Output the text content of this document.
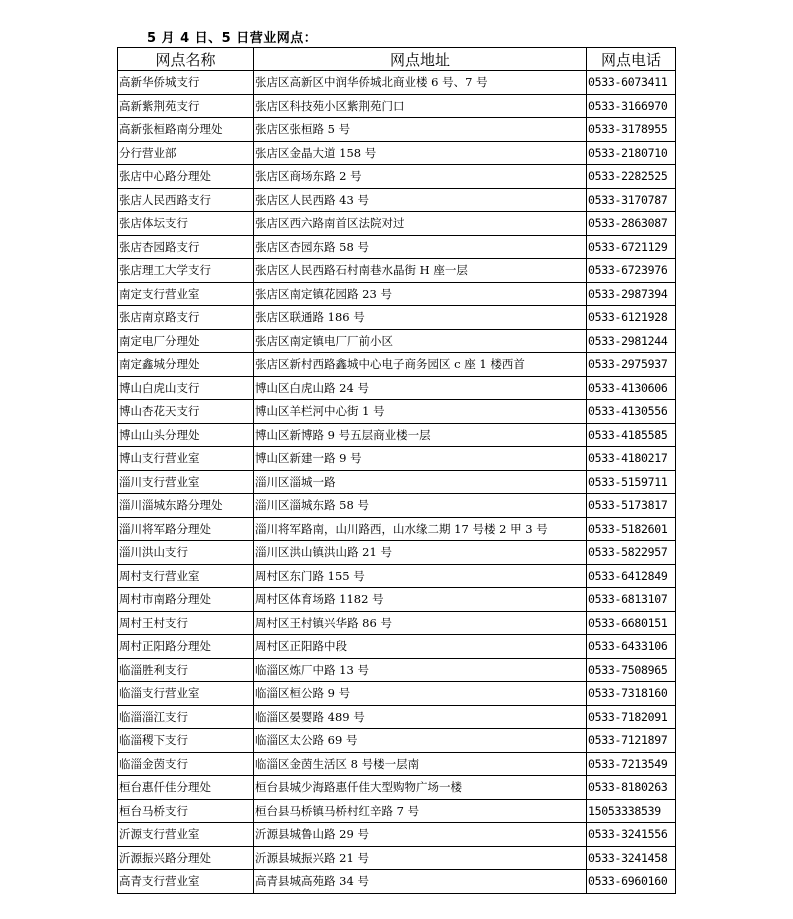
5 月 4 日、5 日营业网点：
网点名称	网点地址	网点电话
高新华侨城支行	张店区高新区中润华侨城北商业楼 6 号、7 号	0533-6073411
高新紫荆苑支行	张店区科技苑小区紫荆苑门口	0533-3166970
高新张桓路南分理处	张店区张桓路 5 号	0533-3178955
分行营业部	张店区金晶大道 158 号	0533-2180710
张店中心路分理处	张店区商场东路 2 号	0533-2282525
张店人民西路支行	张店区人民西路 43 号	0533-3170787
张店体坛支行	张店区西六路南首区法院对过	0533-2863087
张店杏园路支行	张店区杏园东路 58 号	0533-6721129
张店理工大学支行	张店区人民西路石村南巷水晶街 H 座一层	0533-6723976
南定支行营业室	张店区南定镇花园路 23 号	0533-2987394
张店南京路支行	张店区联通路 186 号	0533-6121928
南定电厂分理处	张店区南定镇电厂厂前小区	0533-2981244
南定鑫城分理处	张店区新村西路鑫城中心电子商务园区 c 座 1 楼西首	0533-2975937
博山白虎山支行	博山区白虎山路 24 号	0533-4130606
博山杏花天支行	博山区羊栏河中心街 1 号	0533-4130556
博山山头分理处	博山区新博路 9 号五层商业楼一层	0533-4185585
博山支行营业室	博山区新建一路 9 号	0533-4180217
淄川支行营业室	淄川区淄城一路	0533-5159711
淄川淄城东路分理处	淄川区淄城东路 58 号	0533-5173817
淄川将军路分理处	淄川将军路南，山川路西，山水缘二期 17 号楼 2 甲 3 号	0533-5182601
淄川洪山支行	淄川区洪山镇洪山路 21 号	0533-5822957
周村支行营业室	周村区东门路 155 号	0533-6412849
周村市南路分理处	周村区体育场路 1182 号	0533-6813107
周村王村支行	周村区王村镇兴华路 86 号	0533-6680151
周村正阳路分理处	周村区正阳路中段	0533-6433106
临淄胜利支行	临淄区炼厂中路 13 号	0533-7508965
临淄支行营业室	临淄区桓公路 9 号	0533-7318160
临淄淄江支行	临淄区晏婴路 489 号	0533-7182091
临淄稷下支行	临淄区太公路 69 号	0533-7121897
临淄金茵支行	临淄区金茵生活区 8 号楼一层南	0533-7213549
桓台惠仟佳分理处	桓台县城少海路惠仟佳大型购物广场一楼	0533-8180263
桓台马桥支行	桓台县马桥镇马桥村红辛路 7 号	15053338539
沂源支行营业室	沂源县城鲁山路 29 号	0533-3241556
沂源振兴路分理处	沂源县城振兴路 21 号	0533-3241458
高青支行营业室	高青县城高苑路 34 号	0533-6960160
